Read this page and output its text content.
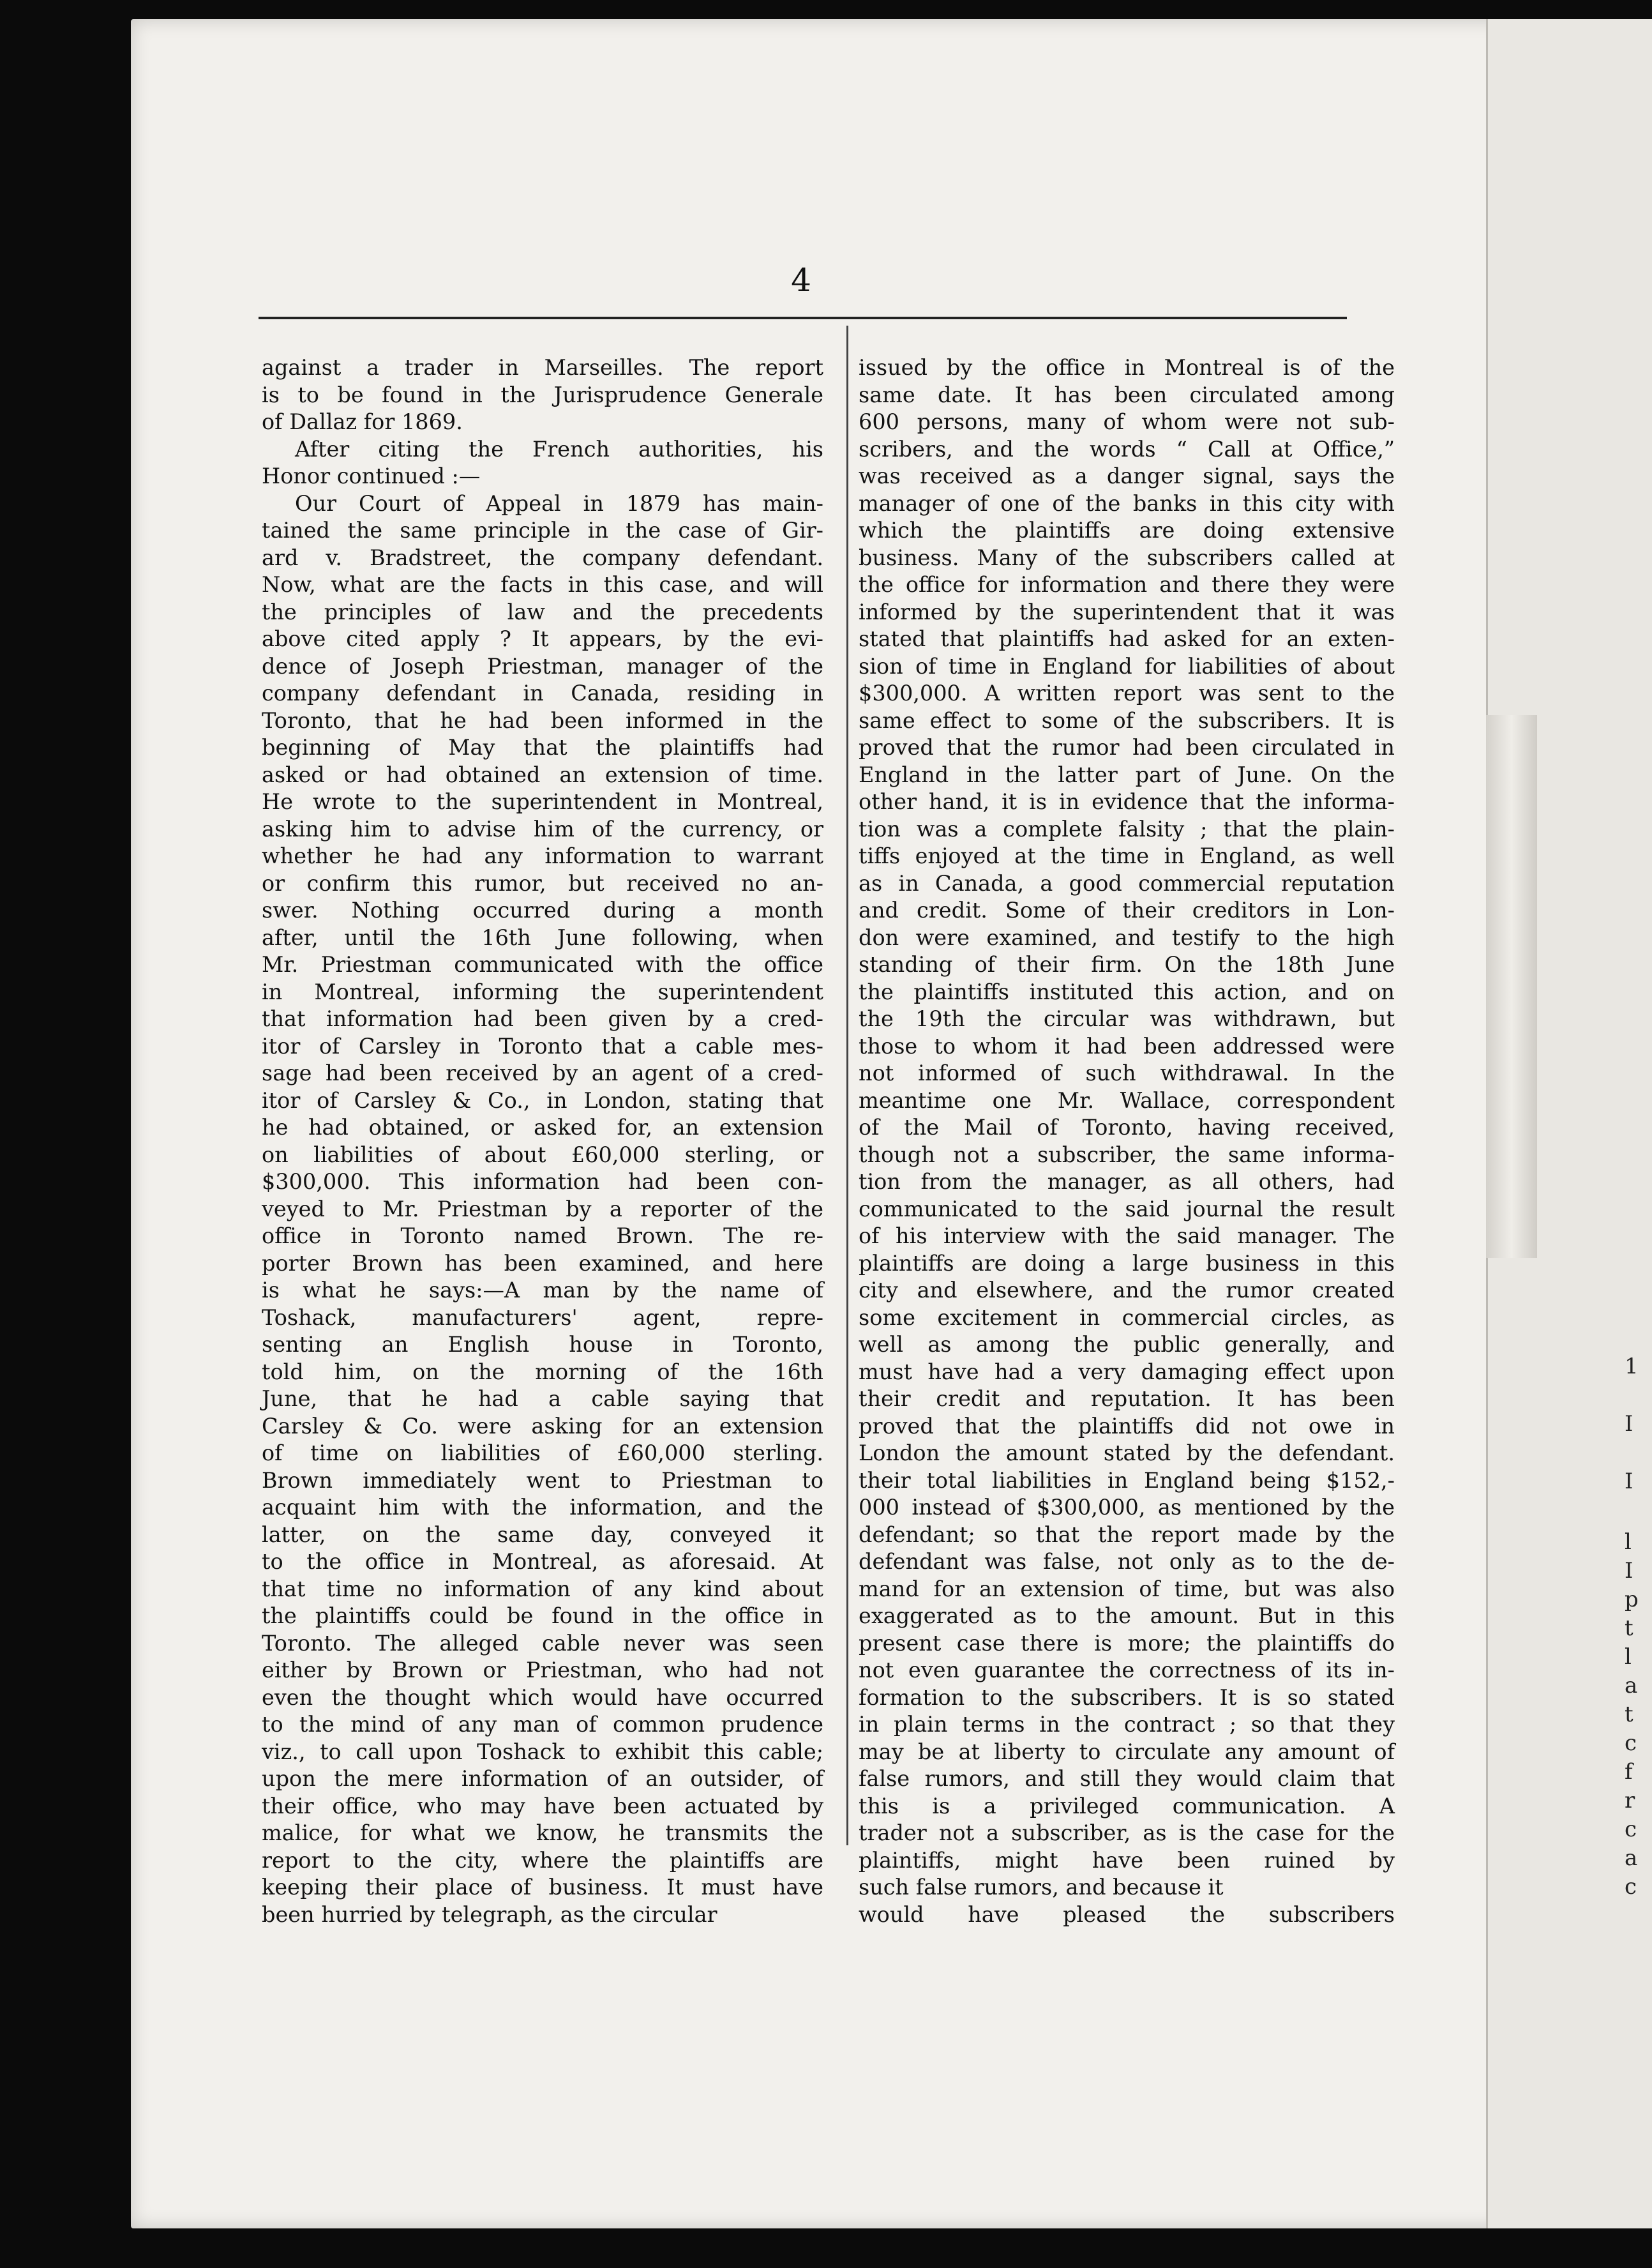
4
against a trader in Marseilles. The report
is to be found in the Jurisprudence Generale
of Dallaz for 1869.
After citing the French authorities, his
Honor continued :—
Our Court of Appeal in 1879 has main-
tained the same principle in the case of Gir-
ard v. Bradstreet, the company defendant.
Now, what are the facts in this case, and will
the principles of law and the precedents
above cited apply ? It appears, by the evi-
dence of Joseph Priestman, manager of the
company defendant in Canada, residing in
Toronto, that he had been informed in the
beginning of May that the plaintiffs had
asked or had obtained an extension of time.
He wrote to the superintendent in Montreal,
asking him to advise him of the currency, or
whether he had any information to warrant
or confirm this rumor, but received no an-
swer. Nothing occurred during a month
after, until the 16th June following, when
Mr. Priestman communicated with the office
in Montreal, informing the superintendent
that information had been given by a cred-
itor of Carsley in Toronto that a cable mes-
sage had been received by an agent of a cred-
itor of Carsley & Co., in London, stating that
he had obtained, or asked for, an extension
on liabilities of about £60,000 sterling, or
$300,000. This information had been con-
veyed to Mr. Priestman by a reporter of the
office in Toronto named Brown. The re-
porter Brown has been examined, and here
is what he says:—A man by the name of
Toshack, manufacturers' agent, repre-
senting an English house in Toronto,
told him, on the morning of the 16th
June, that he had a cable saying that
Carsley & Co. were asking for an extension
of time on liabilities of £60,000 sterling.
Brown immediately went to Priestman to
acquaint him with the information, and the
latter, on the same day, conveyed it
to the office in Montreal, as aforesaid. At
that time no information of any kind about
the plaintiffs could be found in the office in
Toronto. The alleged cable never was seen
either by Brown or Priestman, who had not
even the thought which would have occurred
to the mind of any man of common prudence
viz., to call upon Toshack to exhibit this cable;
upon the mere information of an outsider, of
their office, who may have been actuated by
malice, for what we know, he transmits the
report to the city, where the plaintiffs are
keeping their place of business. It must have
been hurried by telegraph, as the circular
issued by the office in Montreal is of the
same date. It has been circulated among
600 persons, many of whom were not sub-
scribers, and the words “ Call at Office,”
was received as a danger signal, says the
manager of one of the banks in this city with
which the plaintiffs are doing extensive
business. Many of the subscribers called at
the office for information and there they were
informed by the superintendent that it was
stated that plaintiffs had asked for an exten-
sion of time in England for liabilities of about
$300,000. A written report was sent to the
same effect to some of the subscribers. It is
proved that the rumor had been circulated in
England in the latter part of June. On the
other hand, it is in evidence that the informa-
tion was a complete falsity ; that the plain-
tiffs enjoyed at the time in England, as well
as in Canada, a good commercial reputation
and credit. Some of their creditors in Lon-
don were examined, and testify to the high
standing of their firm. On the 18th June
the plaintiffs instituted this action, and on
the 19th the circular was withdrawn, but
those to whom it had been addressed were
not informed of such withdrawal. In the
meantime one Mr. Wallace, correspondent
of the Mail of Toronto, having received,
though not a subscriber, the same informa-
tion from the manager, as all others, had
communicated to the said journal the result
of his interview with the said manager. The
plaintiffs are doing a large business in this
city and elsewhere, and the rumor created
some excitement in commercial circles, as
well as among the public generally, and
must have had a very damaging effect upon
their credit and reputation. It has been
proved that the plaintiffs did not owe in
London the amount stated by the defendant.
their total liabilities in England being $152,-
000 instead of $300,000, as mentioned by the
defendant; so that the report made by the
defendant was false, not only as to the de-
mand for an extension of time, but was also
exaggerated as to the amount. But in this
present case there is more; the plaintiffs do
not even guarantee the correctness of its in-
formation to the subscribers. It is so stated
in plain terms in the contract ; so that they
may be at liberty to circulate any amount of
false rumors, and still they would claim that
this is a privileged communication. A
trader not a subscriber, as is the case for the
plaintiffs, might have been ruined by
such false rumors, and because it
would have pleased the subscribers
1
I
I
l
I
p
t
l
a
t
c
f
r
c
a
c
